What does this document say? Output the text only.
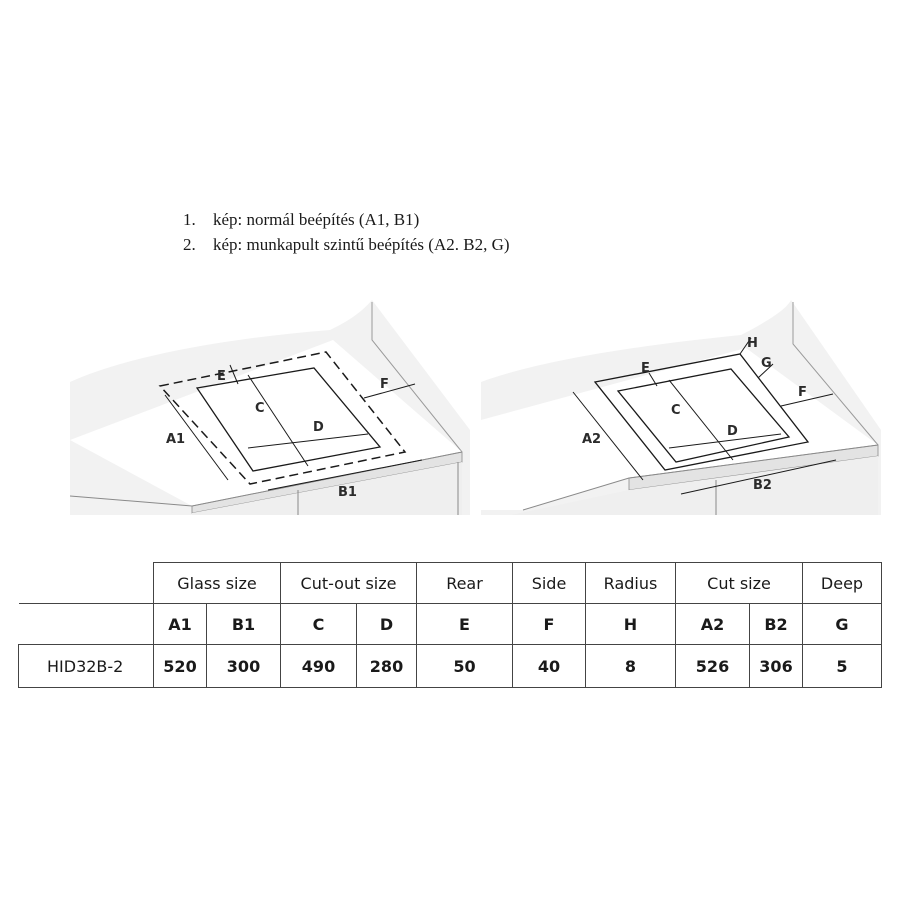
1. kép: normál beépítés (A1, B1)
2. kép: munkapult szintű beépítés (A2. B2, G)
E
C
D
F
A1
B1
H
G
E
C
D
F
A2
B2
	Glass size		Cut-out size		Rear	Side	Radius	Cut size		Deep
	A1	B1	C	D	E	F	H	A2	B2	G
HID32B-2	520	300	490	280	50	40	8	526	306	5
